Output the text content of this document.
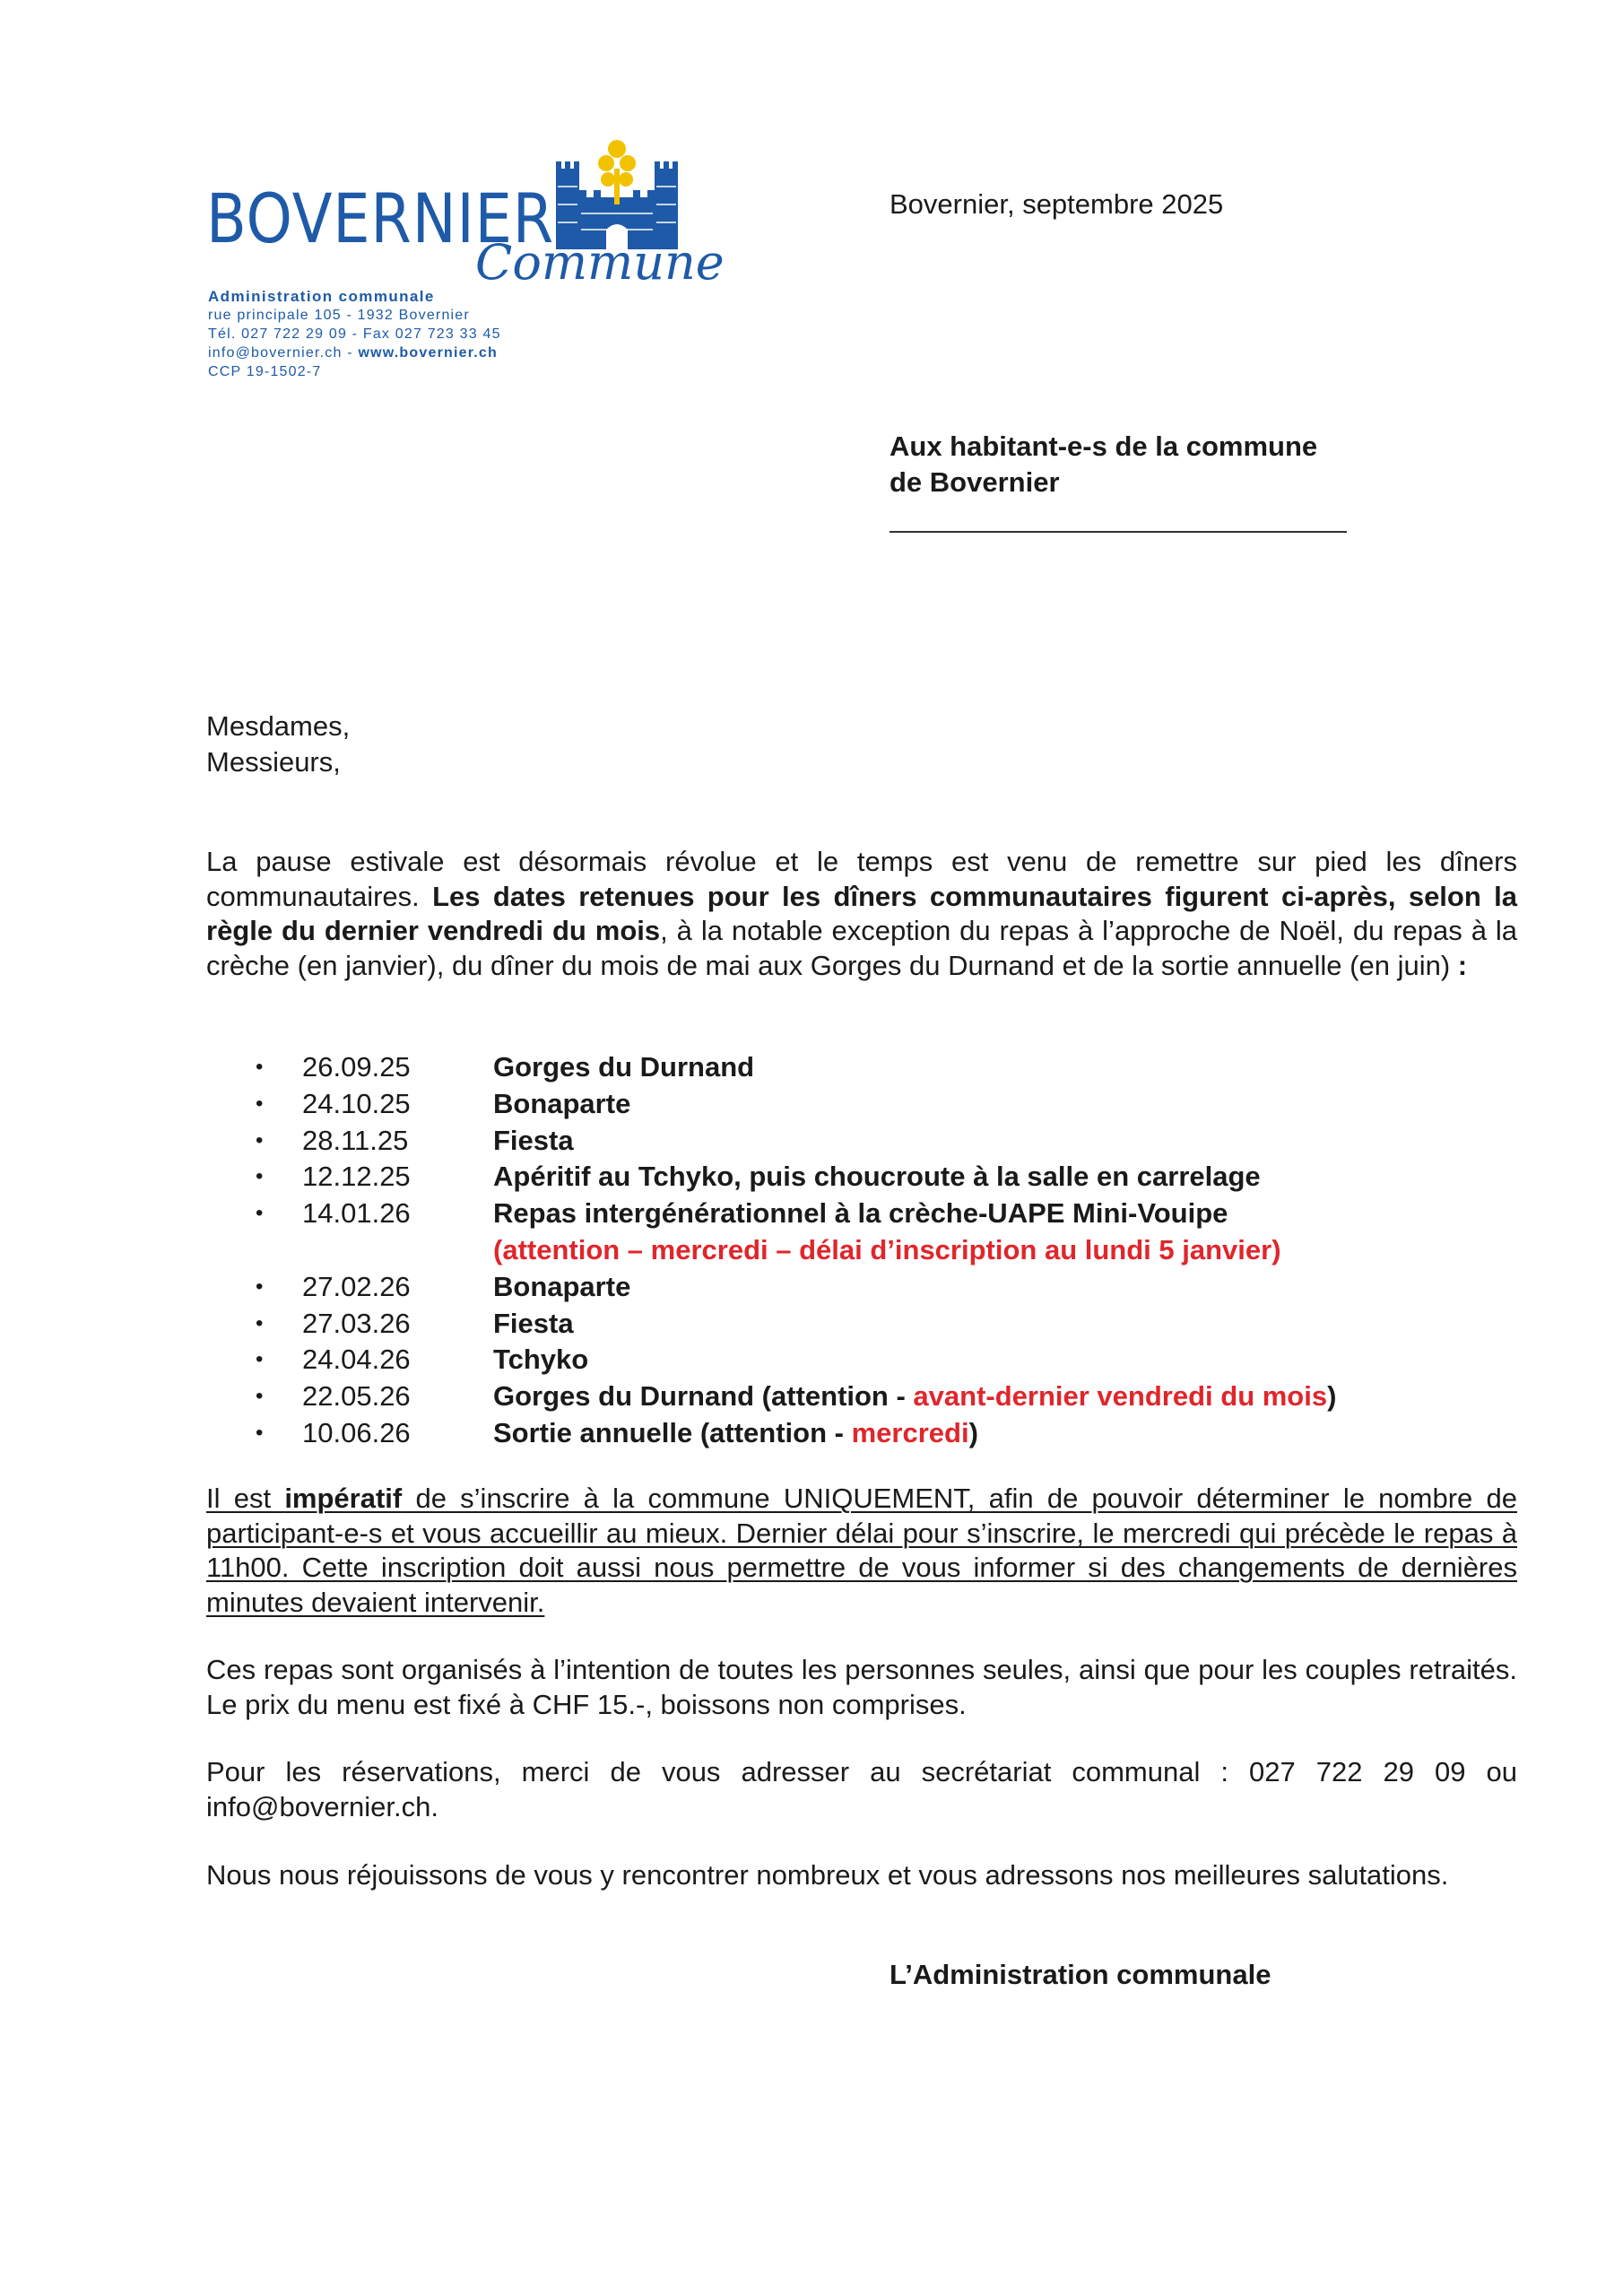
BOVERNIER
Commune
Administration communale
rue principale 105 - 1932 Bovernier
Tél. 027 722 29 09 - Fax 027 723 33 45
info@bovernier.ch - www.bovernier.ch
CCP 19-1502-7
Bovernier, septembre 2025
Aux habitant-e-s de la commune
de Bovernier
Mesdames,
Messieurs,
La pause estivale est désormais révolue et le temps est venu de remettre sur pied les dîners communautaires. Les dates retenues pour les dîners communautaires figurent ci-après, selon la règle du dernier vendredi du mois, à la notable exception du repas à l’approche de Noël, du repas à la crèche (en janvier), du dîner du mois de mai aux Gorges du Durnand et de la sortie annuelle (en juin) :
• 26.09.25	Gorges du Durnand
• 24.10.25	Bonaparte
• 28.11.25	Fiesta
• 12.12.25	Apéritif au Tchyko, puis choucroute à la salle en carrelage
• 14.01.26	Repas intergénérationnel à la crèche-UAPE Mini-Vouipe
(attention – mercredi – délai d’inscription au lundi 5 janvier)
• 27.02.26	Bonaparte
• 27.03.26	Fiesta
• 24.04.26	Tchyko
• 22.05.26	Gorges du Durnand (attention - avant-dernier vendredi du mois)
• 10.06.26	Sortie annuelle (attention - mercredi)
Il est impératif de s’inscrire à la commune UNIQUEMENT, afin de pouvoir déterminer le nombre de participant-e-s et vous accueillir au mieux. Dernier délai pour s’inscrire, le mercredi qui précède le repas à 11h00. Cette inscription doit aussi nous permettre de vous informer si des changements de dernières minutes devaient intervenir.
Ces repas sont organisés à l’intention de toutes les personnes seules, ainsi que pour les couples retraités. Le prix du menu est fixé à CHF 15.-, boissons non comprises.
Pour les réservations, merci de vous adresser au secrétariat communal : 027 722 29 09 ou info@bovernier.ch.
Nous nous réjouissons de vous y rencontrer nombreux et vous adressons nos meilleures salutations.
L’Administration communale
